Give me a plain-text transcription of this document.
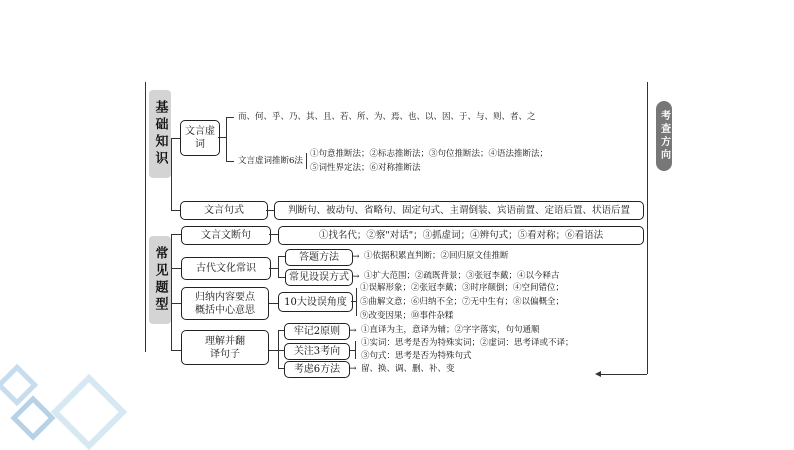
基础知识
常见题型
考查方向
文言虚词
而、何、乎、乃、其、且、若、所、为、焉、也、以、因、于、与、则、者、之
文言虚词推断6法
①句意推断法；②标志推断法；③句位推断法；④语法推断法；
⑤词性界定法；⑥对称推断法
文言句式	判断句、被动句、省略句、固定句式、主谓倒装、宾语前置、定语后置、状语后置
文言文断句	①找名代；②察"对话"；③抓虚词；④辨句式；⑤看对称；⑥看语法
古代文化常识
答题方法
常见设误方式
→
→
①依据积累直判断；②回归原文佳推断
①扩大范围；②疏既背景；③张冠李戴；④以今释古
归纳内容要点概括中心意思
10大设误角度
①误解形象；②张冠李戴；③时序颠倒；④空间错位；
⑤曲解文意；⑥归纳不全；⑦无中生有；⑧以偏概全；
⑨改变因果；⑩事件杂糅
理解并翻译句子
牢记2原则
关注3考向
考虑6方法
→
→
①直译为主，意译为辅；②字字落实，句句通顺
①实词：思考是否为特殊实词；②虚词：思考译或不译；
③句式：思考是否为特殊句式
留、换、调、删、补、变
